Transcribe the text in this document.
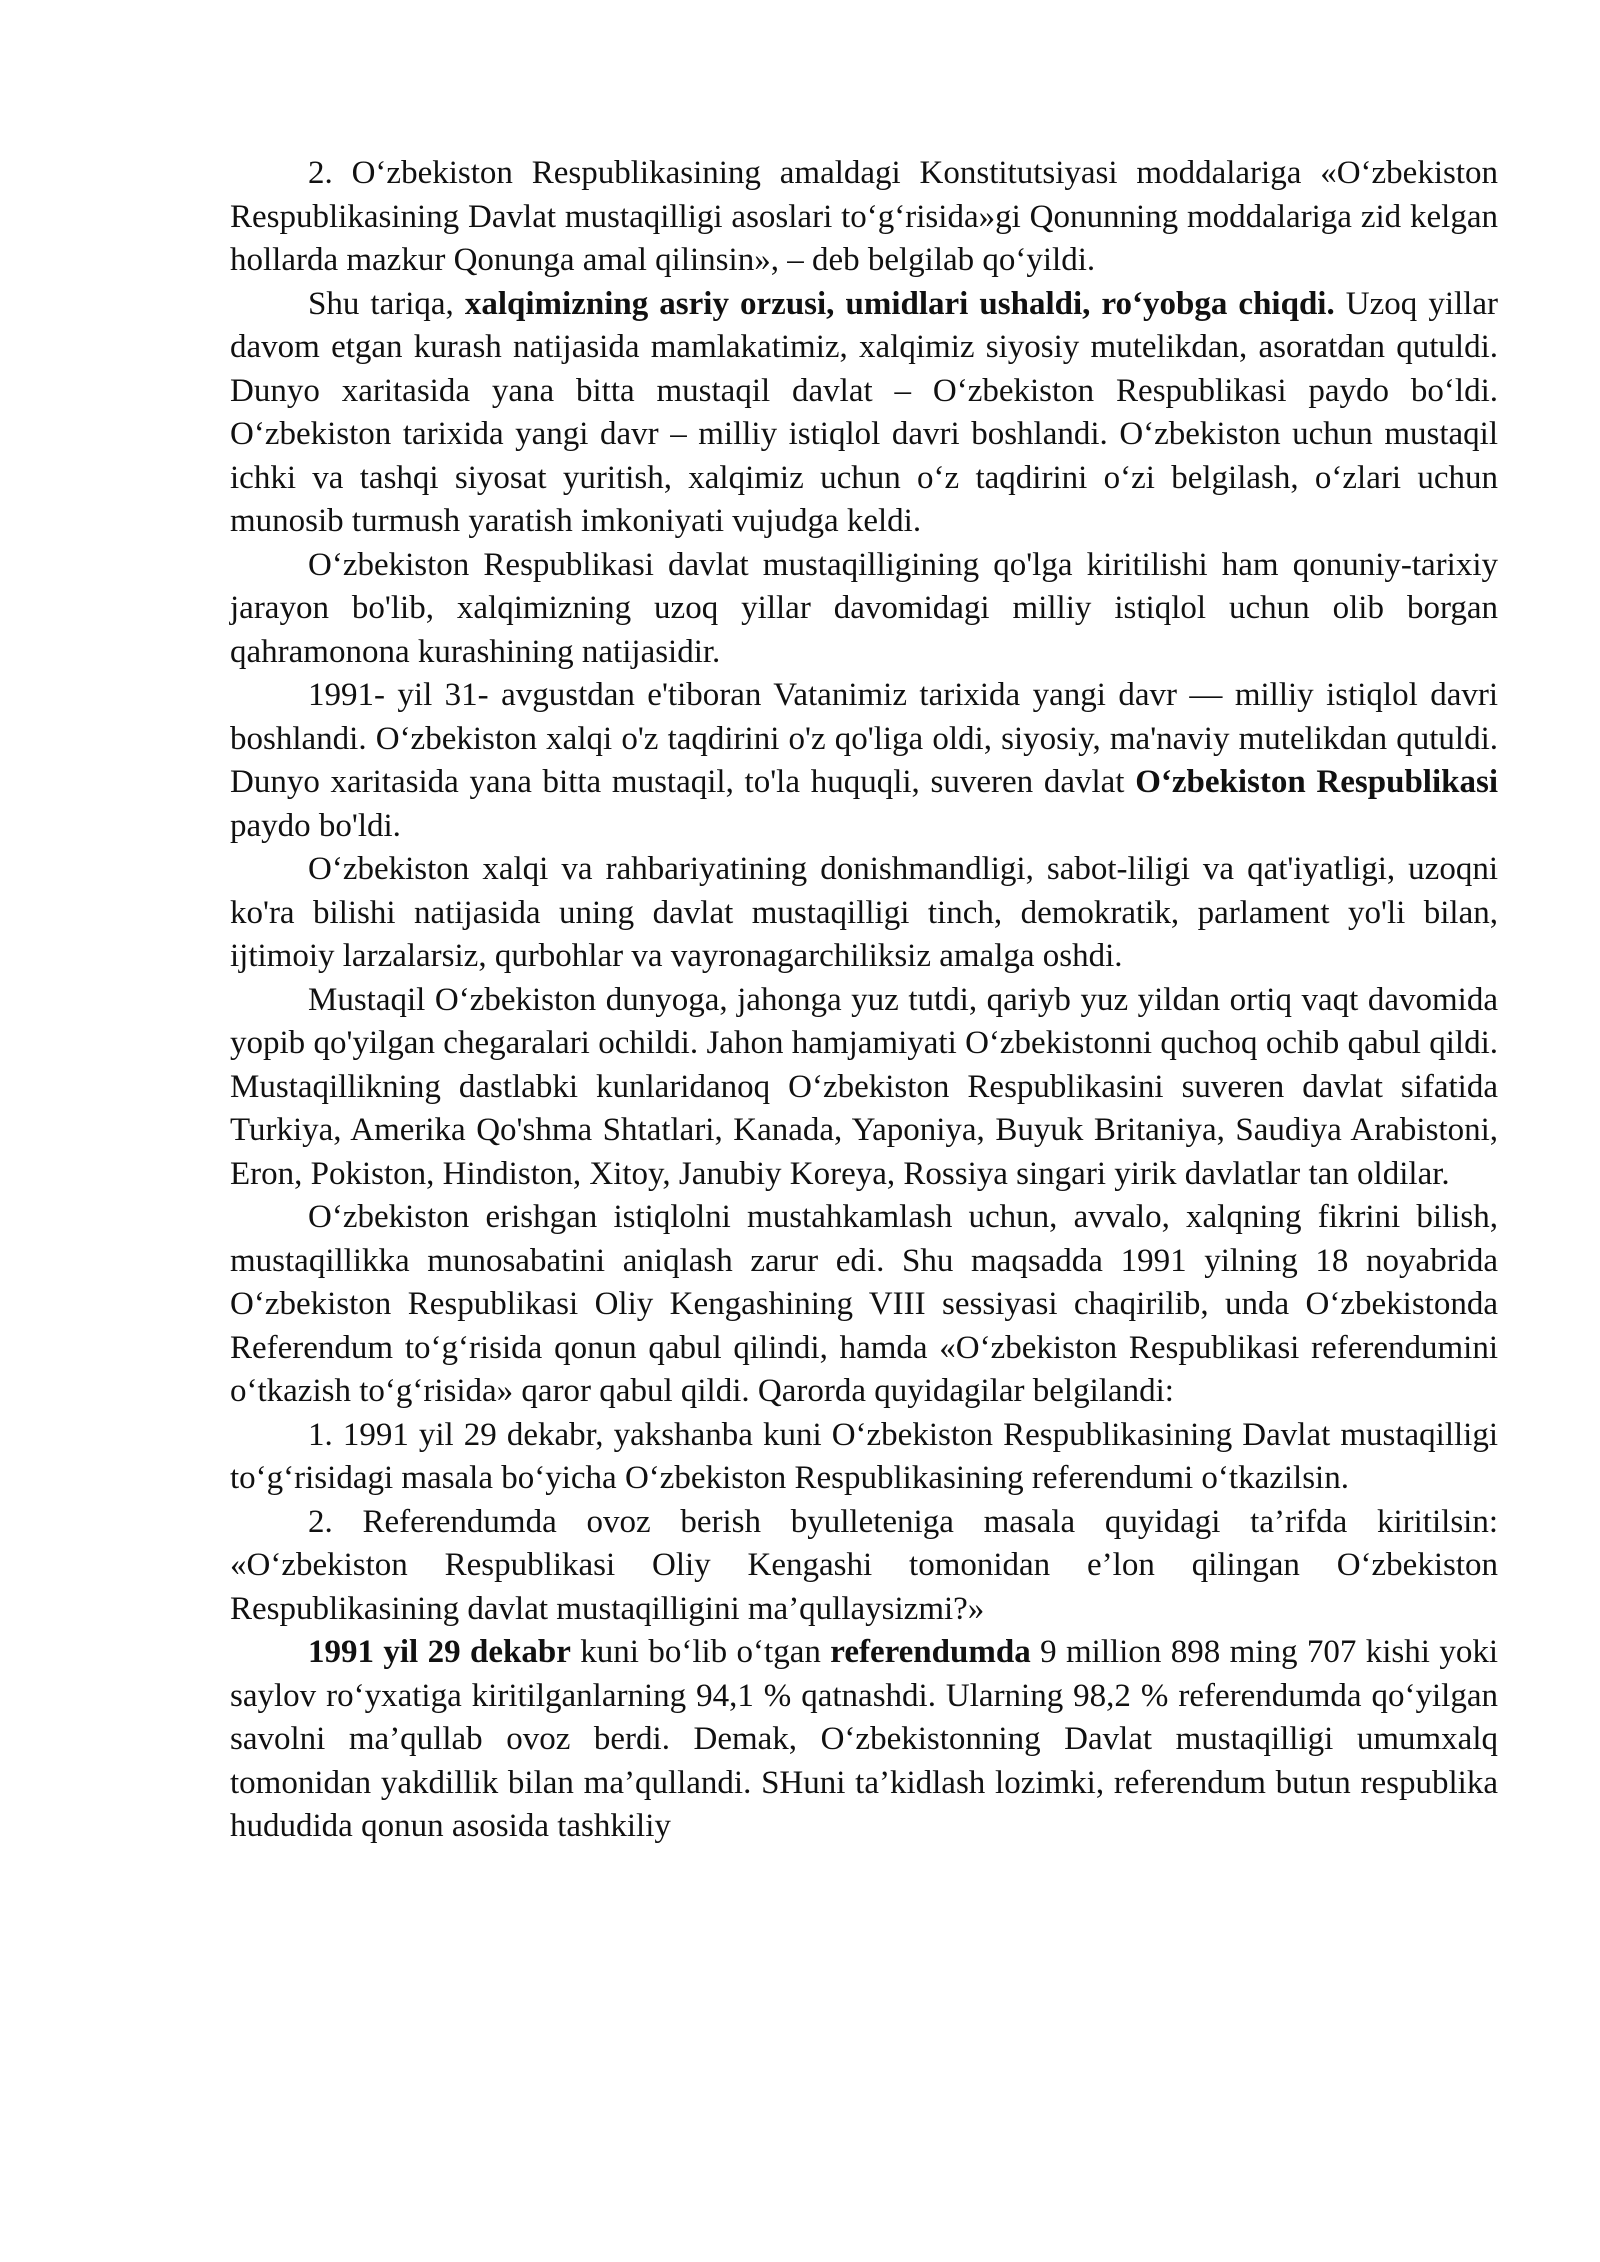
2. O‘zbekiston Respublikasining amaldagi Konstitutsiyasi moddalariga «O‘zbekiston Respublikasining Davlat mustaqilligi asoslari to‘g‘risida»gi Qonunning moddalariga zid kelgan hollarda mazkur Qonunga amal qilinsin», – deb belgilab qo‘yildi.

Shu tariqa, xalqimizning asriy orzusi, umidlari ushaldi, ro‘yobga chiqdi. Uzoq yillar davom etgan kurash natijasida mamlakatimiz, xalqimiz siyosiy mutelikdan, asoratdan qutuldi. Dunyo xaritasida yana bitta mustaqil davlat – O‘zbekiston Respublikasi paydo bo‘ldi. O‘zbekiston tarixida yangi davr – milliy istiqlol davri boshlandi. O‘zbekiston uchun mustaqil ichki va tashqi siyosat yuritish, xalqimiz uchun o‘z taqdirini o‘zi belgilash, o‘zlari uchun munosib turmush yaratish imkoniyati vujudga keldi.

O‘zbekiston Respublikasi davlat mustaqilligining qo'lga kiritilishi ham qonuniy-tarixiy jarayon bo'lib, xalqimizning uzoq yillar davomidagi milliy istiqlol uchun olib borgan qahramonona kurashining natijasidir.

1991- yil 31- avgustdan e'tiboran Vatanimiz tarixida yangi davr — milliy istiqlol davri boshlandi. O‘zbekiston xalqi o'z taqdirini o'z qo'liga oldi, siyosiy, ma'naviy mutelikdan qutuldi. Dunyo xaritasida yana bitta mustaqil, to'la huquqli, suveren davlat O‘zbekiston Respublikasi paydo bo'ldi.

O‘zbekiston xalqi va rahbariyatining donishmandligi, sabot-liligi va qat'iyatligi, uzoqni ko'ra bilishi natijasida uning davlat mustaqilligi tinch, demokratik, parlament yo'li bilan, ijtimoiy larzalarsiz, qurbohlar va vayronagarchiliksiz amalga oshdi.

Mustaqil O‘zbekiston dunyoga, jahonga yuz tutdi, qariyb yuz yildan ortiq vaqt davomida yopib qo'yilgan chegaralari ochildi. Jahon hamjamiyati O‘zbekistonni quchoq ochib qabul qildi. Mustaqillikning dastlabki kunlaridanoq O‘zbekiston Respublikasini suveren davlat sifatida Turkiya, Amerika Qo'shma Shtatlari, Kanada, Yaponiya, Buyuk Britaniya, Saudiya Arabistoni, Eron, Pokiston, Hindiston, Xitoy, Janubiy Koreya, Rossiya singari yirik davlatlar tan oldilar.

O‘zbekiston erishgan istiqlolni mustahkamlash uchun, avvalo, xalqning fikrini bilish, mustaqillikka munosabatini aniqlash zarur edi. Shu maqsadda 1991 yilning 18 noyabrida O‘zbekiston Respublikasi Oliy Kengashining VIII sessiyasi chaqirilib, unda O‘zbekistonda Referendum to‘g‘risida qonun qabul qilindi, hamda «O‘zbekiston Respublikasi referendumini o‘tkazish to‘g‘risida» qaror qabul qildi. Qarorda quyidagilar belgilandi:

1. 1991 yil 29 dekabr, yakshanba kuni O‘zbekiston Respublikasining Davlat mustaqilligi to‘g‘risidagi masala bo‘yicha O‘zbekiston Respublikasining referendumi o‘tkazilsin.

2. Referendumda ovoz berish byulleteniga masala quyidagi ta’rifda kiritilsin: «O‘zbekiston Respublikasi Oliy Kengashi tomonidan e’lon qilingan O‘zbekiston Respublikasining davlat mustaqilligini ma’qullaysizmi?»

1991 yil 29 dekabr kuni bo‘lib o‘tgan referendumda 9 million 898 ming 707 kishi yoki saylov ro‘yxatiga kiritilganlarning 94,1 % qatnashdi. Ularning 98,2 % referendumda qo‘yilgan savolni ma’qullab ovoz berdi. Demak, O‘zbekistonning Davlat mustaqilligi umumxalq tomonidan yakdillik bilan ma’qullandi. SHuni ta’kidlash lozimki, referendum butun respublika hududida qonun asosida tashkiliy
